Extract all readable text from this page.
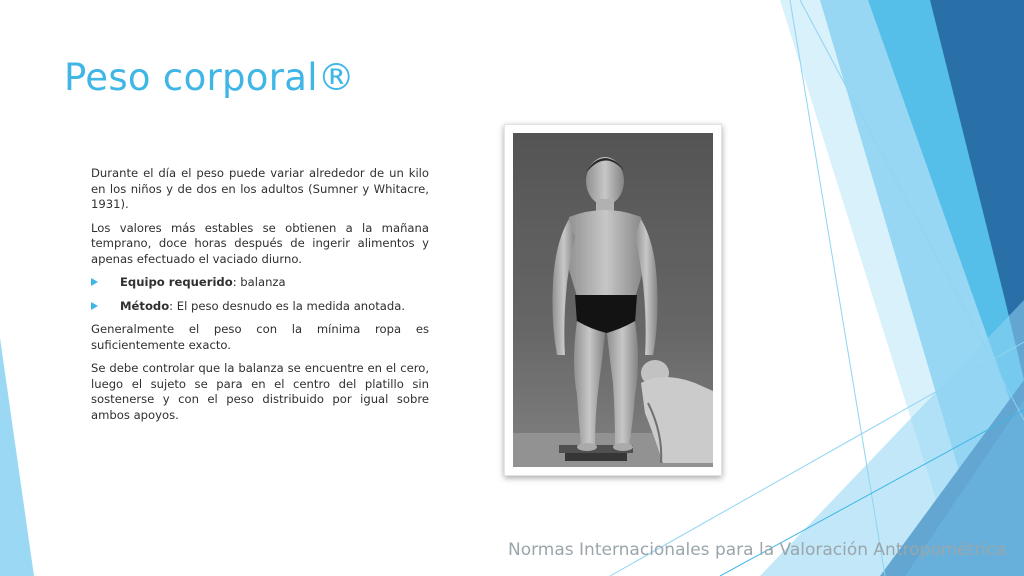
Peso corporal®

Durante el día el peso puede variar alrededor de un kilo en los niños y de dos en los adultos (Sumner y Whitacre, 1931).

Los valores más estables se obtienen a la mañana temprano, doce horas después de ingerir alimentos y apenas efectuado el vaciado diurno.

Equipo requerido: balanza
Método: El peso desnudo es la medida anotada.

Generalmente el peso con la mínima ropa es suficientemente exacto.

Se debe controlar que la balanza se encuentre en el cero, luego el sujeto se para en el centro del platillo sin sostenerse y con el peso distribuido por igual sobre ambos apoyos.

Normas Internacionales para la Valoración Antropométrica
